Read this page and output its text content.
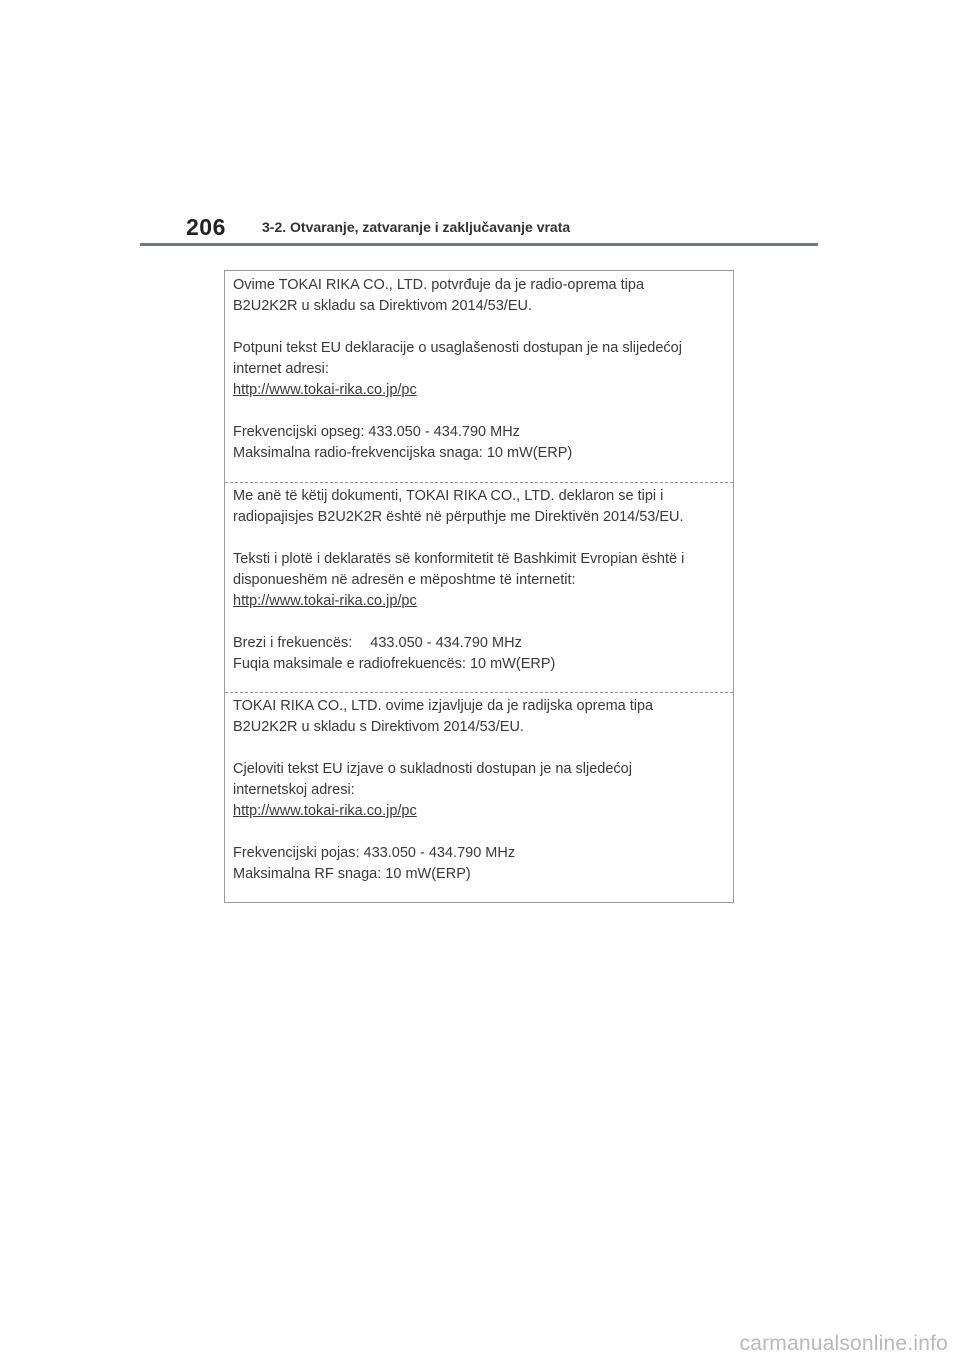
206	3-2. Otvaranje, zatvaranje i zaključavanje vrata

Ovime TOKAI RIKA CO., LTD. potvrđuje da je radio-oprema tipa

B2U2K2R u skladu sa Direktivom 2014/53/EU.

Potpuni tekst EU deklaracije o usaglašenosti dostupan je na slijedećoj

internet adresi:

http://www.tokai-rika.co.jp/pc

Frekvencijski opseg: 433.050 - 434.790 MHz

Maksimalna radio-frekvencijska snaga: 10 mW(ERP)

Me anë të këtij dokumenti, TOKAI RIKA CO., LTD. deklaron se tipi i

radiopajisjes B2U2K2R është në përputhje me Direktivën 2014/53/EU.

Teksti i plotë i deklaratës së konformitetit të Bashkimit Evropian është i

disponueshëm në adresën e mëposhtme të internetit:

http://www.tokai-rika.co.jp/pc

Brezi i frekuencës: 433.050 - 434.790 MHz

Fuqia maksimale e radiofrekuencës: 10 mW(ERP)

TOKAI RIKA CO., LTD. ovime izjavljuje da je radijska oprema tipa

B2U2K2R u skladu s Direktivom 2014/53/EU.

Cjeloviti tekst EU izjave o sukladnosti dostupan je na sljedećoj

internetskoj adresi:

http://www.tokai-rika.co.jp/pc

Frekvencijski pojas: 433.050 - 434.790 MHz

Maksimalna RF snaga: 10 mW(ERP)

carmanualsonline.info
